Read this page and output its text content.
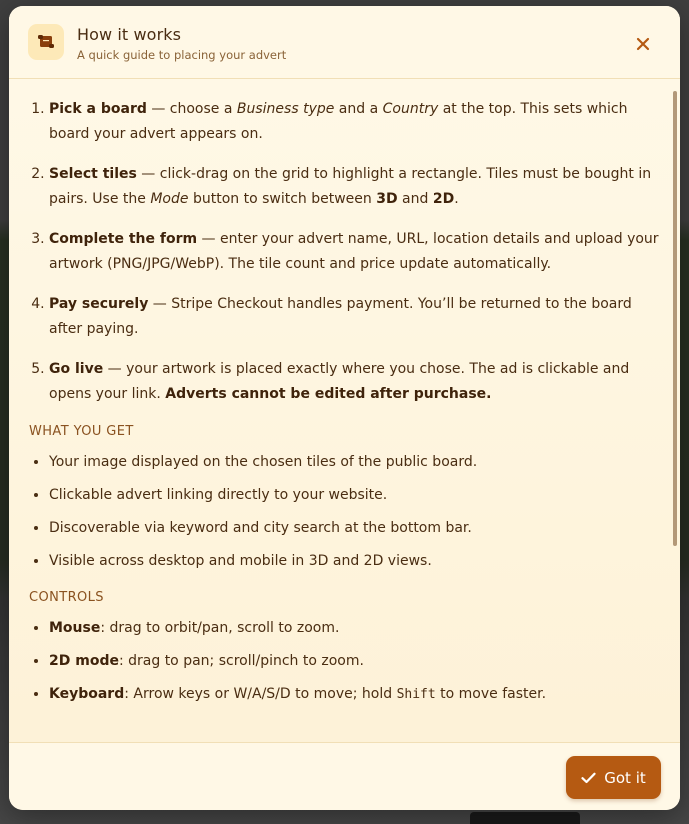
How it works
A quick guide to placing your advert
1. Pick a board — choose a Business type and a Country at the top. This sets which board your advert appears on.
2. Select tiles — click-drag on the grid to highlight a rectangle. Tiles must be bought in pairs. Use the Mode button to switch between 3D and 2D.
3. Complete the form — enter your advert name, URL, location details and upload your artwork (PNG/JPG/WebP). The tile count and price update automatically.
4. Pay securely — Stripe Checkout handles payment. You’ll be returned to the board after paying.
5. Go live — your artwork is placed exactly where you chose. The ad is clickable and opens your link. Adverts cannot be edited after purchase.
WHAT YOU GET
• Your image displayed on the chosen tiles of the public board.
• Clickable advert linking directly to your website.
• Discoverable via keyword and city search at the bottom bar.
• Visible across desktop and mobile in 3D and 2D views.
CONTROLS
• Mouse: drag to orbit/pan, scroll to zoom.
• 2D mode: drag to pan; scroll/pinch to zoom.
• Keyboard: Arrow keys or W/A/S/D to move; hold Shift to move faster.
Got it
